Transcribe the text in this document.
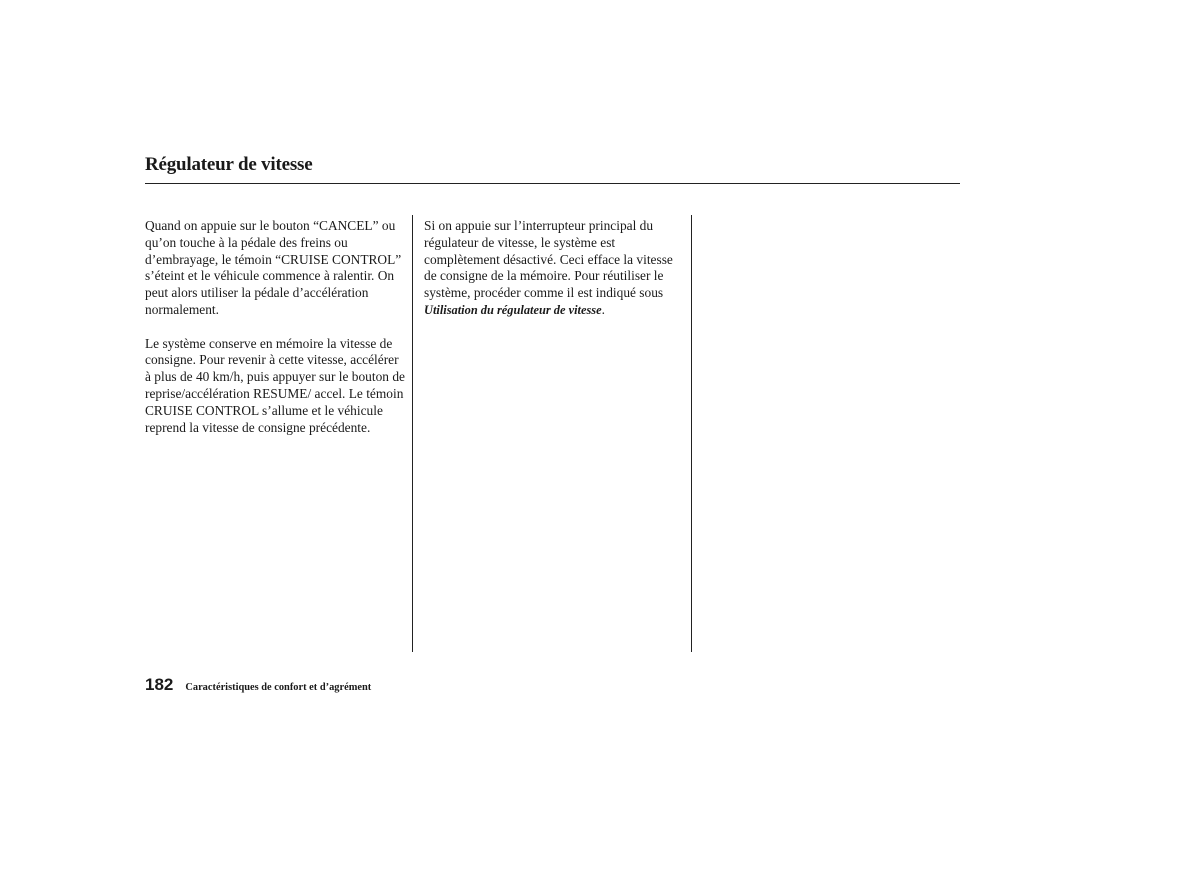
Régulateur de vitesse

Quand on appuie sur le bouton “CANCEL” ou qu’on touche à la pédale des freins ou d’embrayage, le témoin “CRUISE CONTROL” s’éteint et le véhicule commence à ralentir. On peut alors utiliser la pédale d’accélération normalement.

Le système conserve en mémoire la vitesse de consigne. Pour revenir à cette vitesse, accélérer à plus de 40 km/h, puis appuyer sur le bouton de reprise/accélération RESUME/ accel. Le témoin CRUISE CONTROL s’allume et le véhicule reprend la vitesse de consigne précédente.

Si on appuie sur l’interrupteur principal du régulateur de vitesse, le système est complètement désactivé. Ceci efface la vitesse de consigne de la mémoire. Pour réutiliser le système, procéder comme il est indiqué sous Utilisation du régulateur de vitesse.

182 Caractéristiques de confort et d’agrément
